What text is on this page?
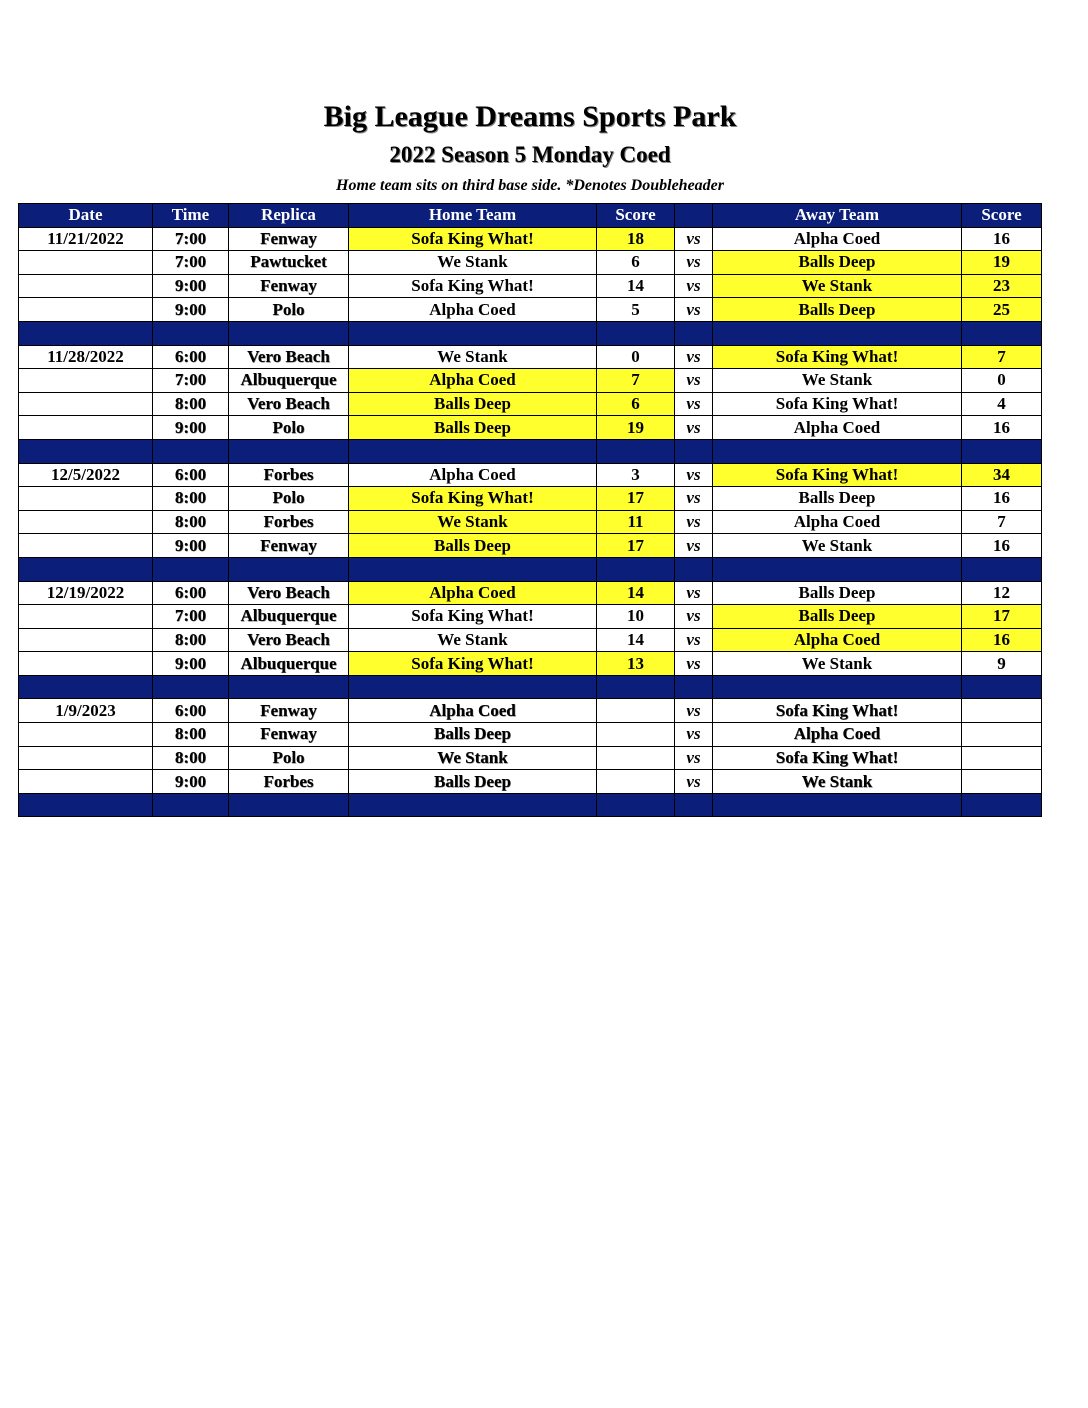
Big League Dreams Sports Park
2022 Season 5 Monday Coed
Home team sits on third base side. *Denotes Doubleheader
Date	Time	Replica	Home Team	Score		Away Team	Score
11/21/2022	7:00	Fenway	Sofa King What!	18	vs	Alpha Coed	16
	7:00	Pawtucket	We Stank	6	vs	Balls Deep	19
	9:00	Fenway	Sofa King What!	14	vs	We Stank	23
	9:00	Polo	Alpha Coed	5	vs	Balls Deep	25

11/28/2022	6:00	Vero Beach	We Stank	0	vs	Sofa King What!	7
	7:00	Albuquerque	Alpha Coed	7	vs	We Stank	0
	8:00	Vero Beach	Balls Deep	6	vs	Sofa King What!	4
	9:00	Polo	Balls Deep	19	vs	Alpha Coed	16

12/5/2022	6:00	Forbes	Alpha Coed	3	vs	Sofa King What!	34
	8:00	Polo	Sofa King What!	17	vs	Balls Deep	16
	8:00	Forbes	We Stank	11	vs	Alpha Coed	7
	9:00	Fenway	Balls Deep	17	vs	We Stank	16

12/19/2022	6:00	Vero Beach	Alpha Coed	14	vs	Balls Deep	12
	7:00	Albuquerque	Sofa King What!	10	vs	Balls Deep	17
	8:00	Vero Beach	We Stank	14	vs	Alpha Coed	16
	9:00	Albuquerque	Sofa King What!	13	vs	We Stank	9

1/9/2023	6:00	Fenway	Alpha Coed		vs	Sofa King What!	
	8:00	Fenway	Balls Deep		vs	Alpha Coed	
	8:00	Polo	We Stank		vs	Sofa King What!	
	9:00	Forbes	Balls Deep		vs	We Stank	
